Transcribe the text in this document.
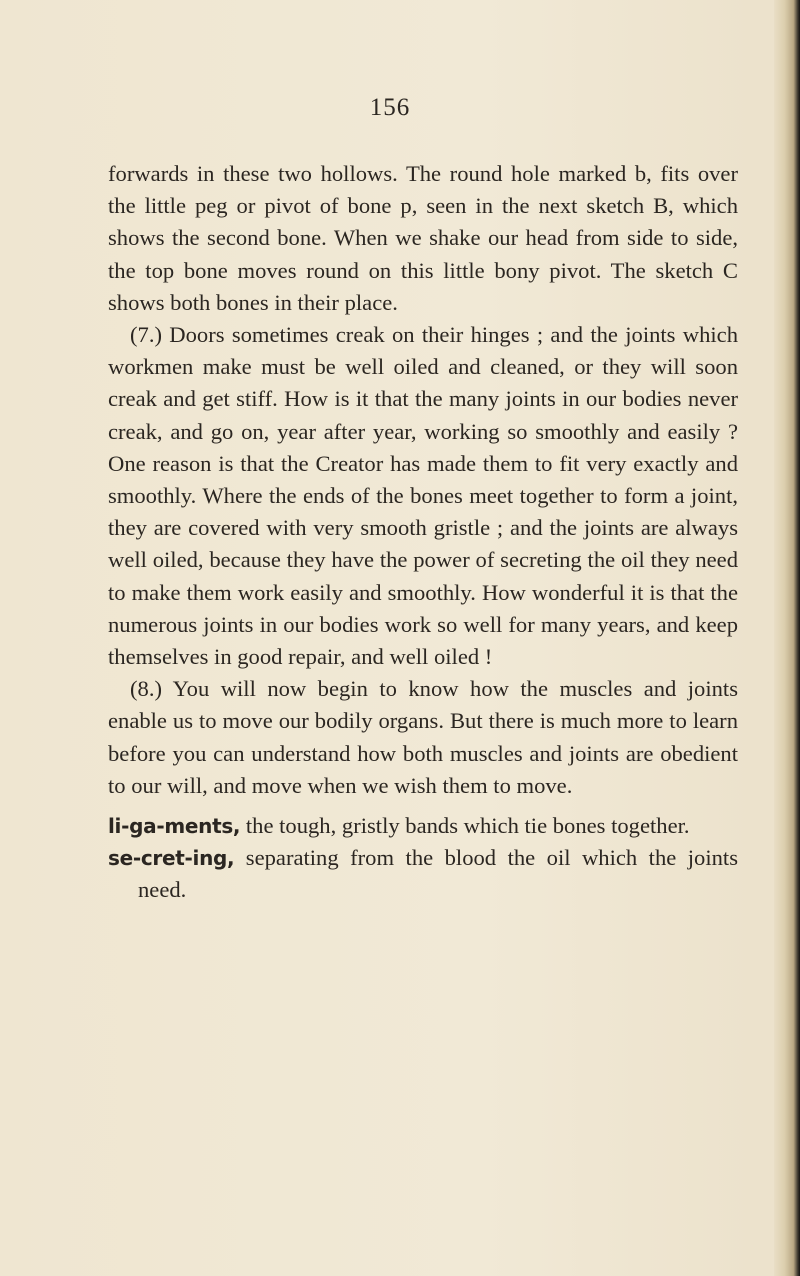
156

forwards in these two hollows. The round hole marked b, fits over the little peg or pivot of bone p, seen in the next sketch B, which shows the second bone. When we shake our head from side to side, the top bone moves round on this little bony pivot. The sketch C shows both bones in their place.

(7.) Doors sometimes creak on their hinges ; and the joints which workmen make must be well oiled and cleaned, or they will soon creak and get stiff. How is it that the many joints in our bodies never creak, and go on, year after year, working so smoothly and easily ? One reason is that the Creator has made them to fit very exactly and smoothly. Where the ends of the bones meet together to form a joint, they are covered with very smooth gristle ; and the joints are always well oiled, because they have the power of secreting the oil they need to make them work easily and smoothly. How wonderful it is that the numerous joints in our bodies work so well for many years, and keep themselves in good repair, and well oiled !

(8.) You will now begin to know how the muscles and joints enable us to move our bodily organs. But there is much more to learn before you can understand how both muscles and joints are obedient to our will, and move when we wish them to move.

li-ga-ments, the tough, gristly bands which tie bones together.

se-cret-ing, separating from the blood the oil which the joints need.
